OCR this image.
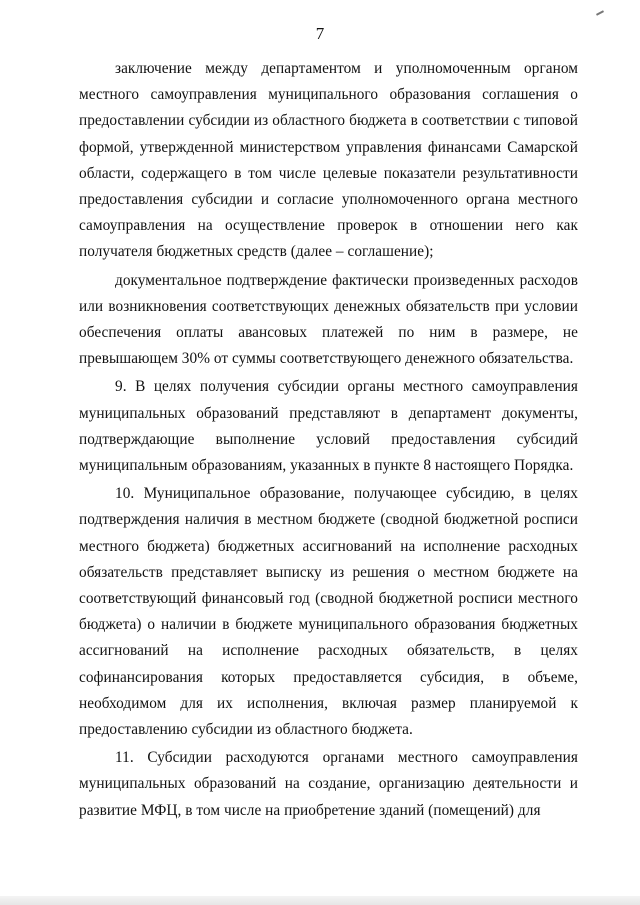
7

заключение между департаментом и уполномоченным органом местного самоуправления муниципального образования соглашения о предоставлении субсидии из областного бюджета в соответствии с типовой формой, утвержденной министерством управления финансами Самарской области, содержащего в том числе целевые показатели результативности предоставления субсидии и согласие уполномоченного органа местного самоуправления на осуществление проверок в отношении него как получателя бюджетных средств (далее – соглашение);

документальное подтверждение фактически произведенных расходов или возникновения соответствующих денежных обязательств при условии обеспечения оплаты авансовых платежей по ним в размере, не превышающем 30% от суммы соответствующего денежного обязательства.

9. В целях получения субсидии органы местного самоуправления муниципальных образований представляют в департамент документы, подтверждающие выполнение условий предоставления субсидий муниципальным образованиям, указанных в пункте 8 настоящего Порядка.

10. Муниципальное образование, получающее субсидию, в целях подтверждения наличия в местном бюджете (сводной бюджетной росписи местного бюджета) бюджетных ассигнований на исполнение расходных обязательств представляет выписку из решения о местном бюджете на соответствующий финансовый год (сводной бюджетной росписи местного бюджета) о наличии в бюджете муниципального образования бюджетных ассигнований на исполнение расходных обязательств, в целях софинансирования которых предоставляется субсидия, в объеме, необходимом для их исполнения, включая размер планируемой к предоставлению субсидии из областного бюджета.

11. Субсидии расходуются органами местного самоуправления муниципальных образований на создание, организацию деятельности и развитие МФЦ, в том числе на приобретение зданий (помещений) для
